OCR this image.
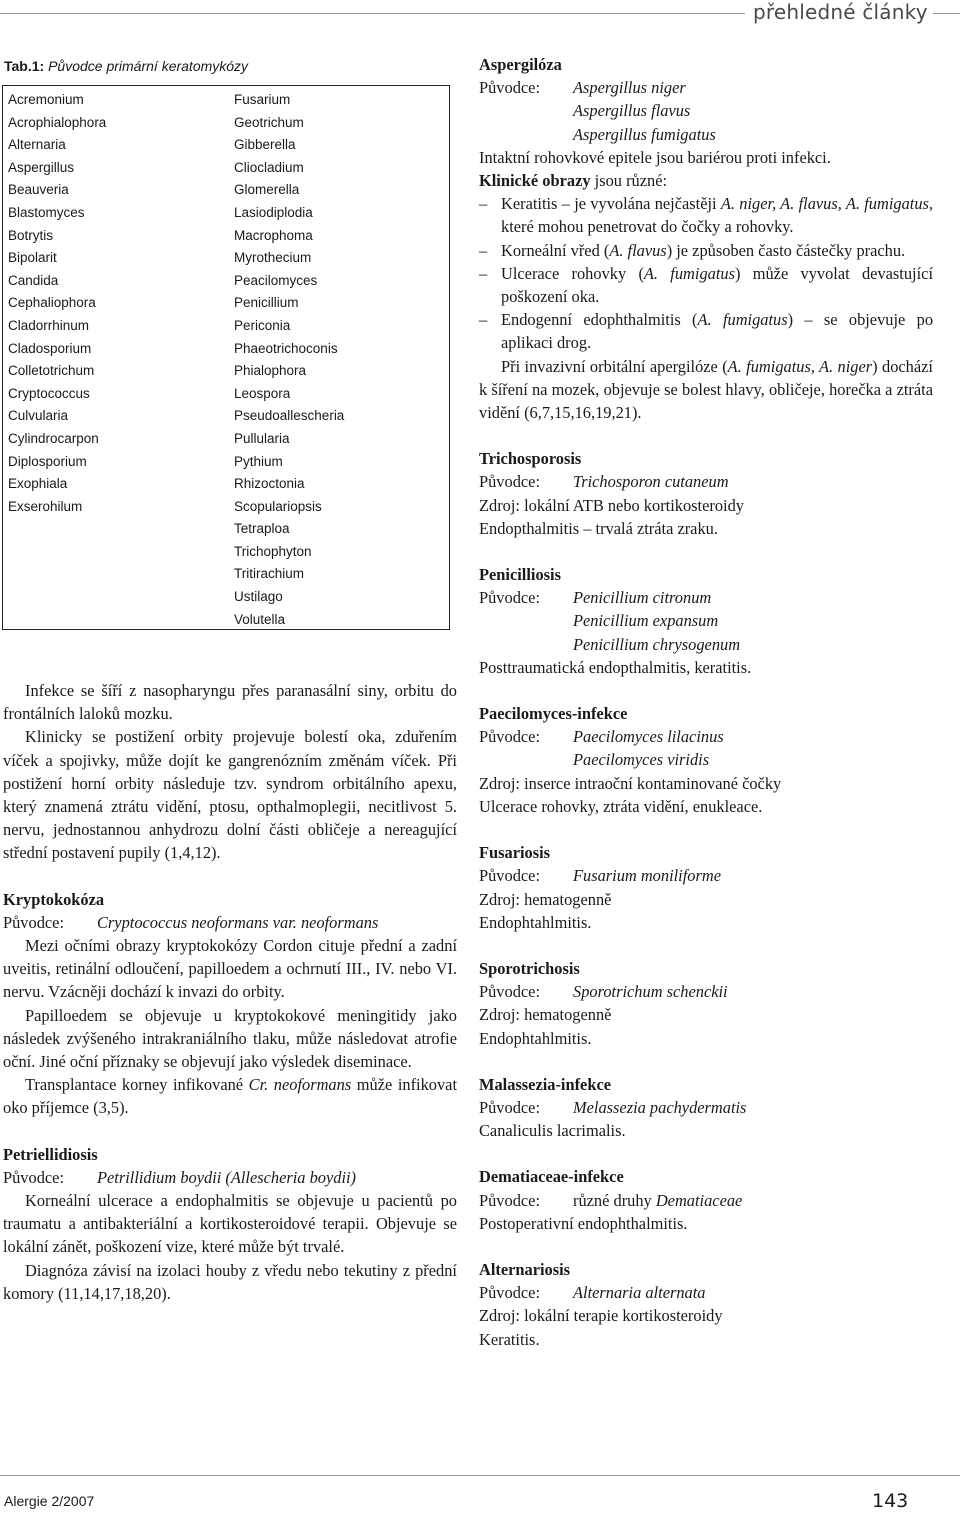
přehledné články
Tab.1: Původce primární keratomykózy
Acremonium
Acrophialophora
Alternaria
Aspergillus
Beauveria
Blastomyces
Botrytis
Bipolarit
Candida
Cephaliophora
Cladorrhinum
Cladosporium
Colletotrichum
Cryptococcus
Culvularia
Cylindrocarpon
Diplosporium
Exophiala
Exserohilum
Fusarium
Geotrichum
Gibberella
Cliocladium
Glomerella
Lasiodiplodia
Macrophoma
Myrothecium
Peacilomyces
Penicillium
Periconia
Phaeotrichoconis
Phialophora
Leospora
Pseudoallescheria
Pullularia
Pythium
Rhizoctonia
Scopulariopsis
Tetraploa
Trichophyton
Tritirachium
Ustilago
Volutella

Infekce se šíří z nasopharyngu přes paranasální siny, orbitu do frontálních laloků mozku.

Klinicky se postižení orbity projevuje bolestí oka, zduřením víček a spojivky, může dojít ke gangrenózním změnám víček. Při postižení horní orbity následuje tzv. syndrom orbitálního apexu, který znamená ztrátu vidění, ptosu, opthalmoplegii, necitlivost 5. nervu, jednostannou anhydrozu dolní části obličeje a nereagující střední postavení pupily (1,4,12).

Kryptokokóza

Původce: Cryptococcus neoformans var. neoformans

Mezi očními obrazy kryptokokózy Cordon cituje přední a zadní uveitis, retinální odloučení, papilloedem a ochrnutí III., IV. nebo VI. nervu. Vzácněji dochází k invazi do orbity.

Papilloedem se objevuje u kryptokokové meningitidy jako následek zvýšeného intrakraniálního tlaku, může následovat atrofie oční. Jiné oční příznaky se objevují jako výsledek diseminace.

Transplantace korney infikované Cr. neoformans může infikovat oko příjemce (3,5).

Petriellidiosis

Původce: Petrillidium boydii (Allescheria boydii)

Korneální ulcerace a endophalmitis se objevuje u pacientů po traumatu a antibakteriální a kortikosteroidové terapii. Objevuje se lokální zánět, poškození vize, které může být trvalé.

Diagnóza závisí na izolaci houby z vředu nebo tekutiny z přední komory (11,14,17,18,20).

Aspergilóza

Původce: Aspergillus niger

Aspergillus flavus

Aspergillus fumigatus

Intaktní rohovkové epitele jsou bariérou proti infekci.

Klinické obrazy jsou různé:

– Keratitis – je vyvolána nejčastěji A. niger, A. flavus, A. fumigatus, které mohou penetrovat do čočky a rohovky.
– Korneální vřed (A. flavus) je způsoben často částečky prachu.
– Ulcerace rohovky (A. fumigatus) může vyvolat devastující poškození oka.
– Endogenní edophthalmitis (A. fumigatus) – se objevuje po aplikaci drog.

Při invazivní orbitální apergilóze (A. fumigatus, A. niger) dochází k šíření na mozek, objevuje se bolest hlavy, obličeje, horečka a ztráta vidění (6,7,15,16,19,21).

Trichosporosis

Původce: Trichosporon cutaneum

Zdroj: lokální ATB nebo kortikosteroidy

Endopthalmitis – trvalá ztráta zraku.

Penicilliosis

Původce: Penicillium citronum

Penicillium expansum

Penicillium chrysogenum

Posttraumatická endopthalmitis, keratitis.

Paecilomyces-infekce

Původce: Paecilomyces lilacinus

Paecilomyces viridis

Zdroj: inserce intraoční kontaminované čočky

Ulcerace rohovky, ztráta vidění, enukleace.

Fusariosis

Původce: Fusarium moniliforme

Zdroj: hematogenně

Endophtahlmitis.

Sporotrichosis

Původce: Sporotrichum schenckii

Zdroj: hematogenně

Endophtahlmitis.

Malassezia-infekce

Původce: Melassezia pachydermatis

Canaliculis lacrimalis.

Dematiaceae-infekce

Původce: různé druhy Dematiaceae

Postoperativní endophthalmitis.

Alternariosis

Původce: Alternaria alternata

Zdroj: lokální terapie kortikosteroidy

Keratitis.

Alergie 2/2007	143
